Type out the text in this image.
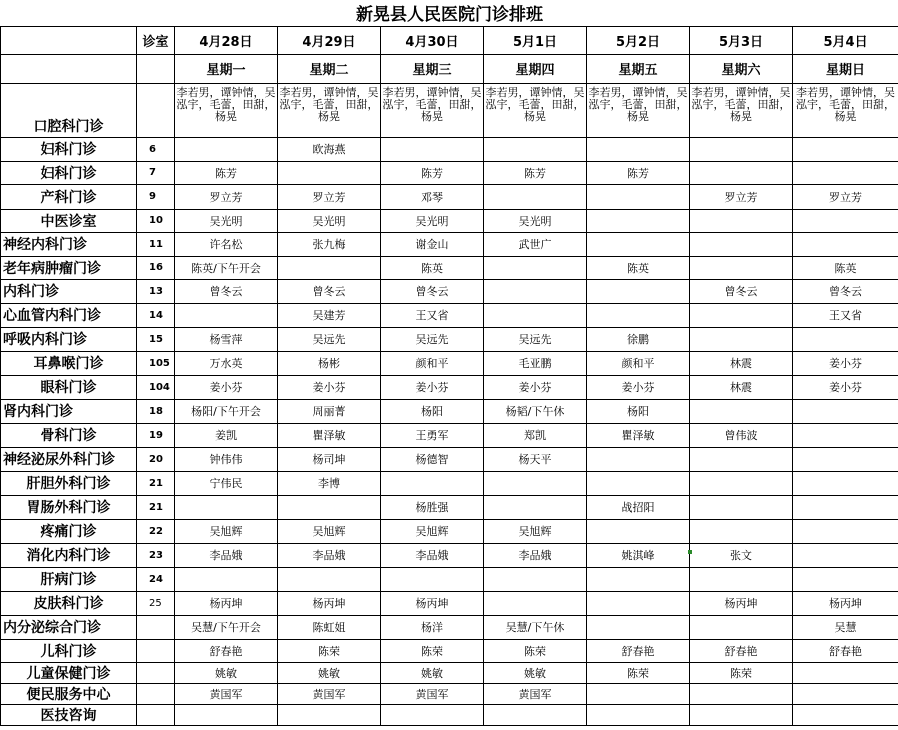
新晃县人民医院门诊排班								
	诊室	4月28日	4月29日	4月30日	5月1日	5月2日	5月3日	5月4日
		星期一	星期二	星期三	星期四	星期五	星期六	星期日
口腔科门诊		李若男，谭钟情，吴泓宇，毛蕾，田甜，杨晃	李若男，谭钟情，吴泓宇，毛蕾，田甜，杨晃	李若男，谭钟情，吴泓宇，毛蕾，田甜，杨晃	李若男，谭钟情，吴泓宇，毛蕾，田甜，杨晃	李若男，谭钟情，吴泓宇，毛蕾，田甜，杨晃	李若男，谭钟情，吴泓宇，毛蕾，田甜，杨晃	李若男，谭钟情，吴泓宇，毛蕾，田甜，杨晃
妇科门诊	6		欧海燕					
妇科门诊	7	陈芳		陈芳	陈芳	陈芳		
产科门诊	9	罗立芳	罗立芳	邓琴			罗立芳	罗立芳
中医诊室	10	吴光明	吴光明	吴光明	吴光明			
神经内科门诊	11	许名松	张九梅	谢金山	武世广			
老年病肿瘤门诊	16	陈英/下午开会		陈英		陈英		陈英
内科门诊	13	曾冬云	曾冬云	曾冬云			曾冬云	曾冬云
心血管内科门诊	14		吴建芳	王又省				王又省
呼吸内科门诊	15	杨雪萍	吴远先	吴远先	吴远先	徐鹏		
耳鼻喉门诊	105	万水英	杨彬	颜和平	毛亚鹏	颜和平	林震	姜小芬
眼科门诊	104	姜小芬	姜小芬	姜小芬	姜小芬	姜小芬	林震	姜小芬
肾内科门诊	18	杨阳/下午开会	周丽菁	杨阳	杨韬/下午休	杨阳		
骨科门诊	19	姜凯	瞿泽敏	王勇军	郑凯	瞿泽敏	曾伟波	
神经泌尿外科门诊	20	钟伟伟	杨司坤	杨德智	杨天平			
肝胆外科门诊	21	宁伟民	李博					
胃肠外科门诊	21			杨胜强		战招阳		
疼痛门诊	22	吴旭辉	吴旭辉	吴旭辉	吴旭辉			
消化内科门诊	23	李品娥	李品娥	李品娥	李品娥	姚淇峰	张文	
肝病门诊	24							
皮肤科门诊	25	杨丙坤	杨丙坤	杨丙坤			杨丙坤	杨丙坤
内分泌综合门诊		吴慧/下午开会	陈虹姐	杨洋	吴慧/下午休			吴慧
儿科门诊		舒春艳	陈荣	陈荣	陈荣	舒春艳	舒春艳	舒春艳
儿童保健门诊		姚敏	姚敏	姚敏	姚敏	陈荣	陈荣	
便民服务中心		黄国军	黄国军	黄国军	黄国军			
医技咨询								
